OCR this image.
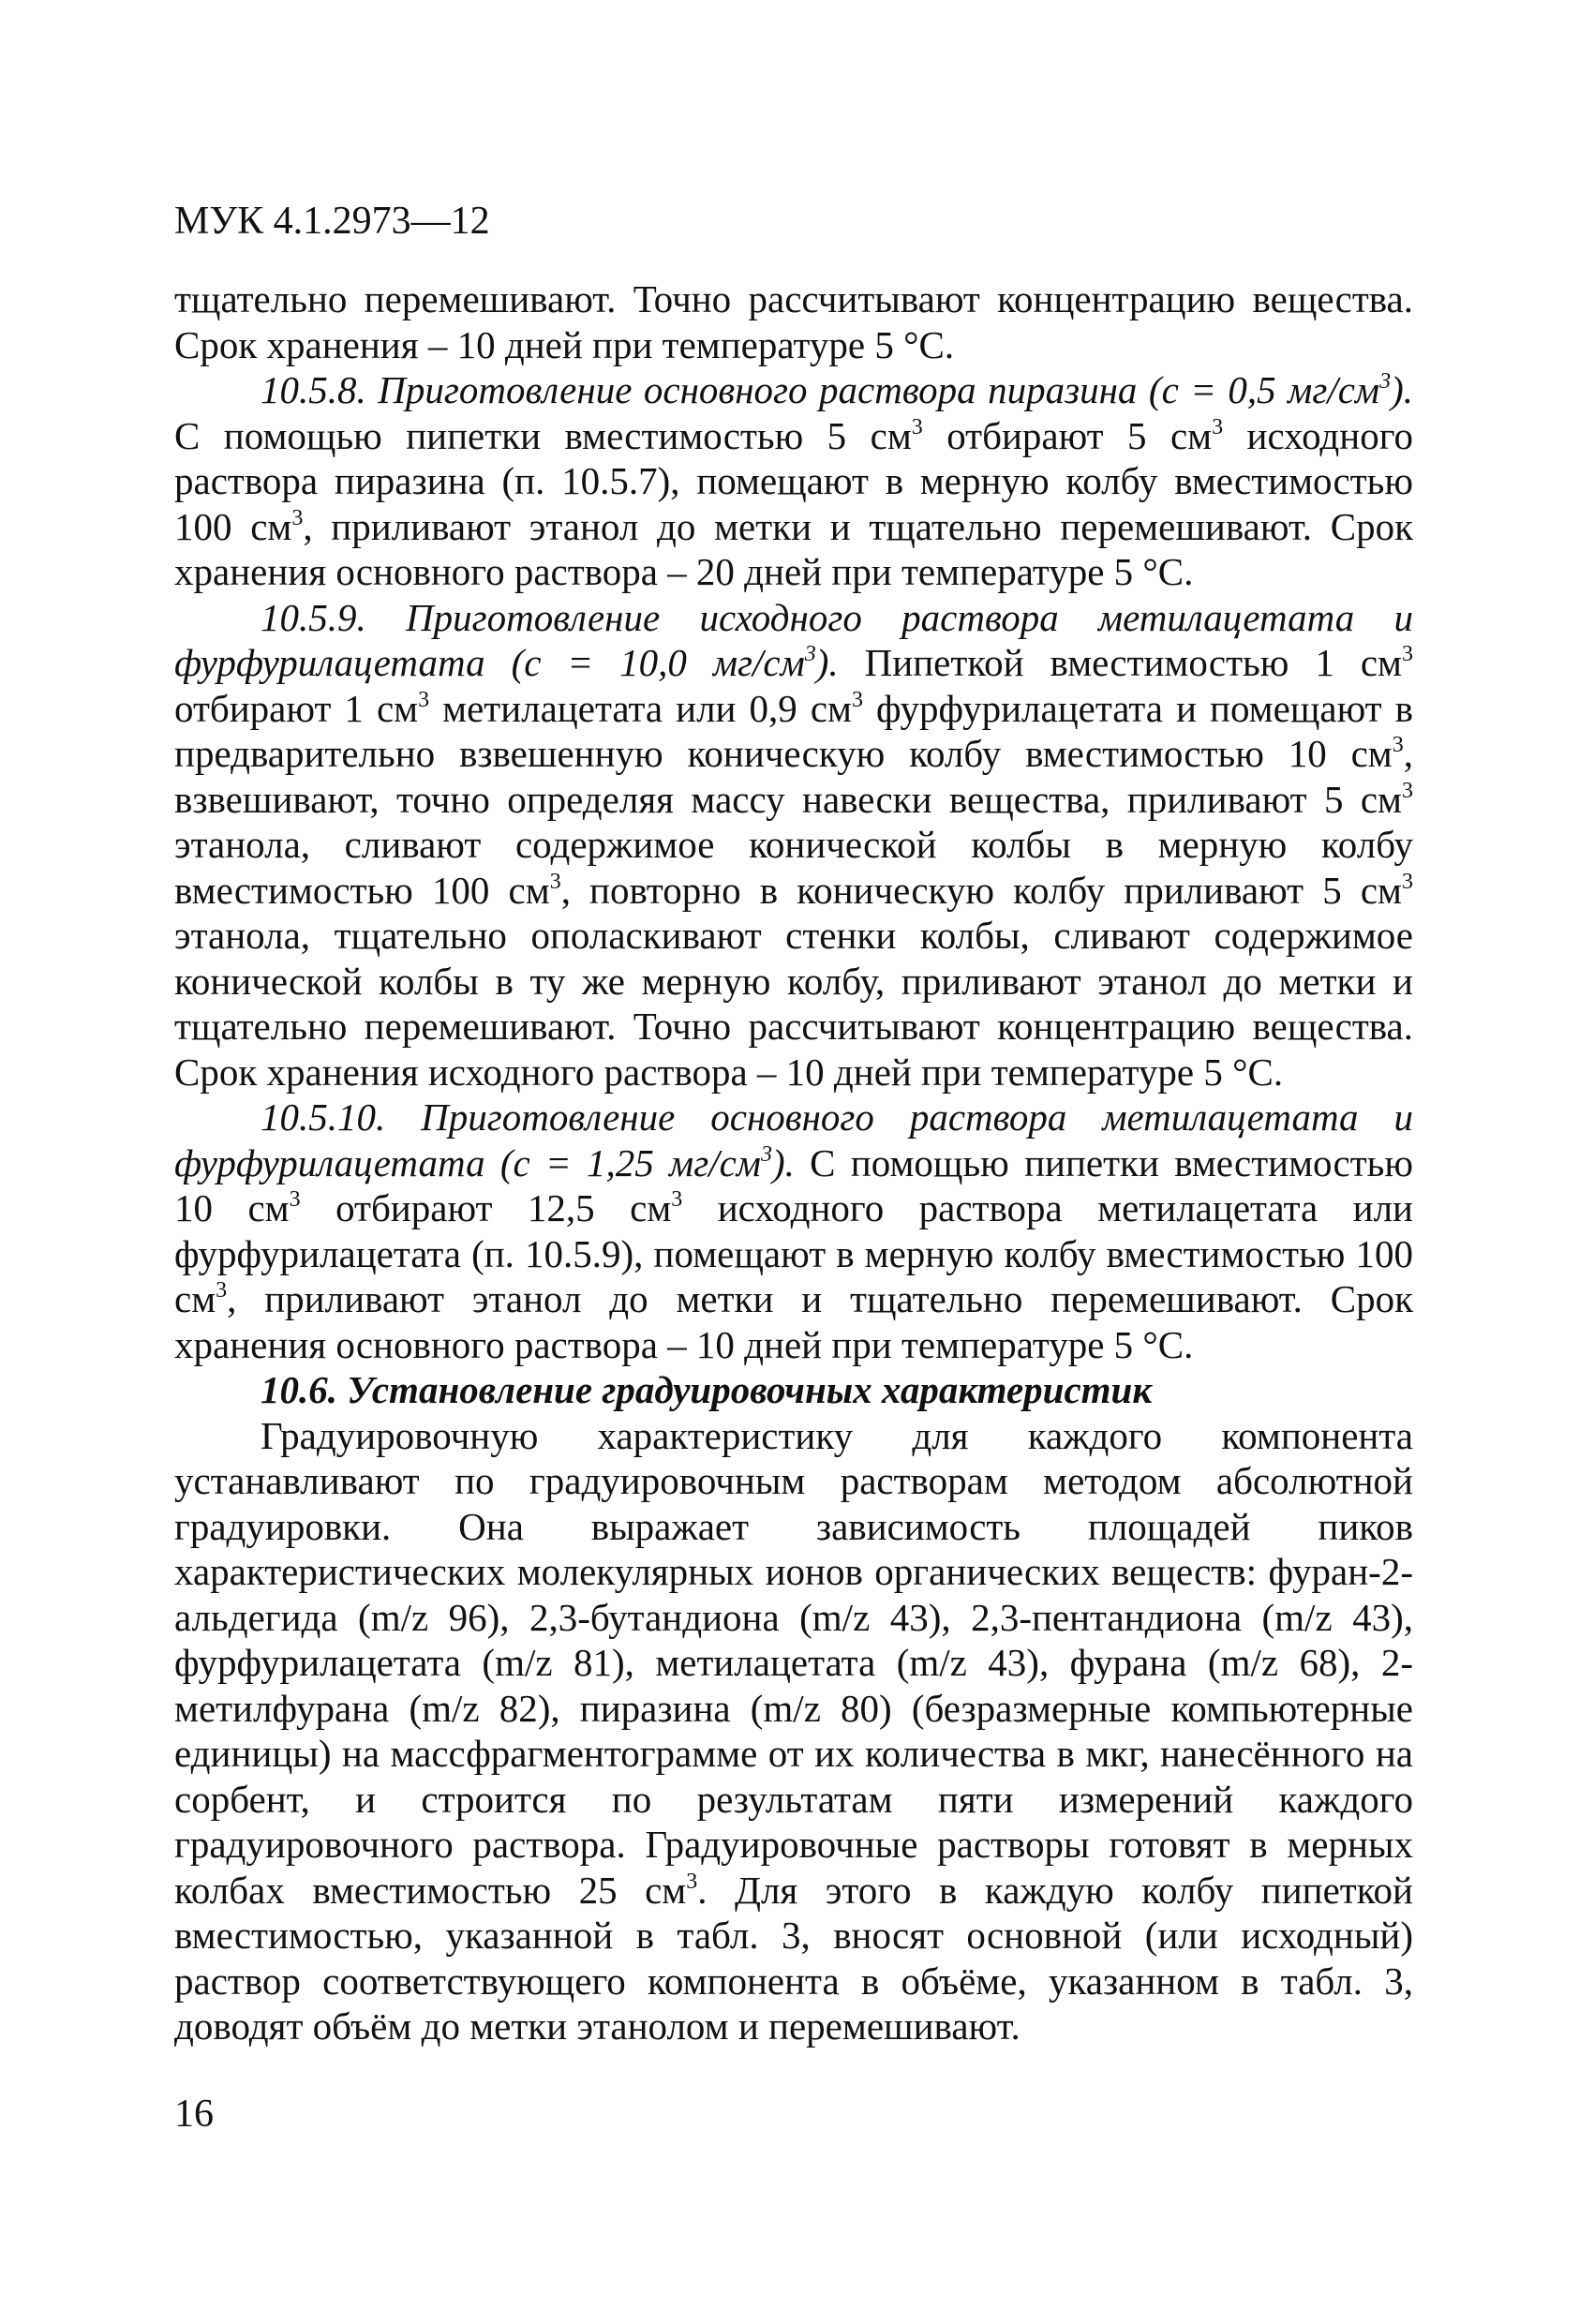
МУК 4.1.2973—12

тщательно перемешивают. Точно рассчитывают концентрацию вещества. Срок хранения – 10 дней при температуре 5 °С.

10.5.8. Приготовление основного раствора пиразина (с = 0,5 $мг/см^3$). С помощью пипетки вместимостью 5 $см^3$ отбирают 5 $см^3$ исходного раствора пиразина (п. 10.5.7), помещают в мерную колбу вместимостью 100 $см^3$, приливают этанол до метки и тщательно перемешивают. Срок хранения основного раствора – 20 дней при температуре 5 °С.

10.5.9. Приготовление исходного раствора метилацетата и фурфурилацетата (с = 10,0 $мг/см^3$). Пипеткой вместимостью 1 $см^3$ отбирают 1 $см^3$ метилацетата или 0,9 $см^3$ фурфурилацетата и помещают в предварительно взвешенную коническую колбу вместимостью 10 $см^3$, взвешивают, точно определяя массу навески вещества, приливают 5 $см^3$ этанола, сливают содержимое конической колбы в мерную колбу вместимостью 100 $см^3$, повторно в коническую колбу приливают 5 $см^3$ этанола, тщательно ополаскивают стенки колбы, сливают содержимое конической колбы в ту же мерную колбу, приливают этанол до метки и тщательно перемешивают. Точно рассчитывают концентрацию вещества. Срок хранения исходного раствора – 10 дней при температуре 5 °С.

10.5.10. Приготовление основного раствора метилацетата и фурфурилацетата (с = 1,25 $мг/см^3$). С помощью пипетки вместимостью 10 $см^3$ отбирают 12,5 $см^3$ исходного раствора метилацетата или фурфурилацетата (п. 10.5.9), помещают в мерную колбу вместимостью 100 $см^3$, приливают этанол до метки и тщательно перемешивают. Срок хранения основного раствора – 10 дней при температуре 5 °С.

10.6. Установление градуировочных характеристик

Градуировочную характеристику для каждого компонента устанавливают по градуировочным растворам методом абсолютной градуировки. Она выражает зависимость площадей пиков характеристических молекулярных ионов органических веществ: фуран-2-альдегида (m/z 96), 2,3-бутандиона (m/z 43), 2,3-пентандиона (m/z 43), фурфурилацетата (m/z 81), метилацетата (m/z 43), фурана (m/z 68), 2-метилфурана (m/z 82), пиразина (m/z 80) (безразмерные компьютерные единицы) на массфрагментограмме от их количества в мкг, нанесённого на сорбент, и строится по результатам пяти измерений каждого градуировочного раствора. Градуировочные растворы готовят в мерных колбах вместимостью 25 $см^3$. Для этого в каждую колбу пипеткой вместимостью, указанной в табл. 3, вносят основной (или исходный) раствор соответствующего компонента в объёме, указанном в табл. 3, доводят объём до метки этанолом и перемешивают.

16
